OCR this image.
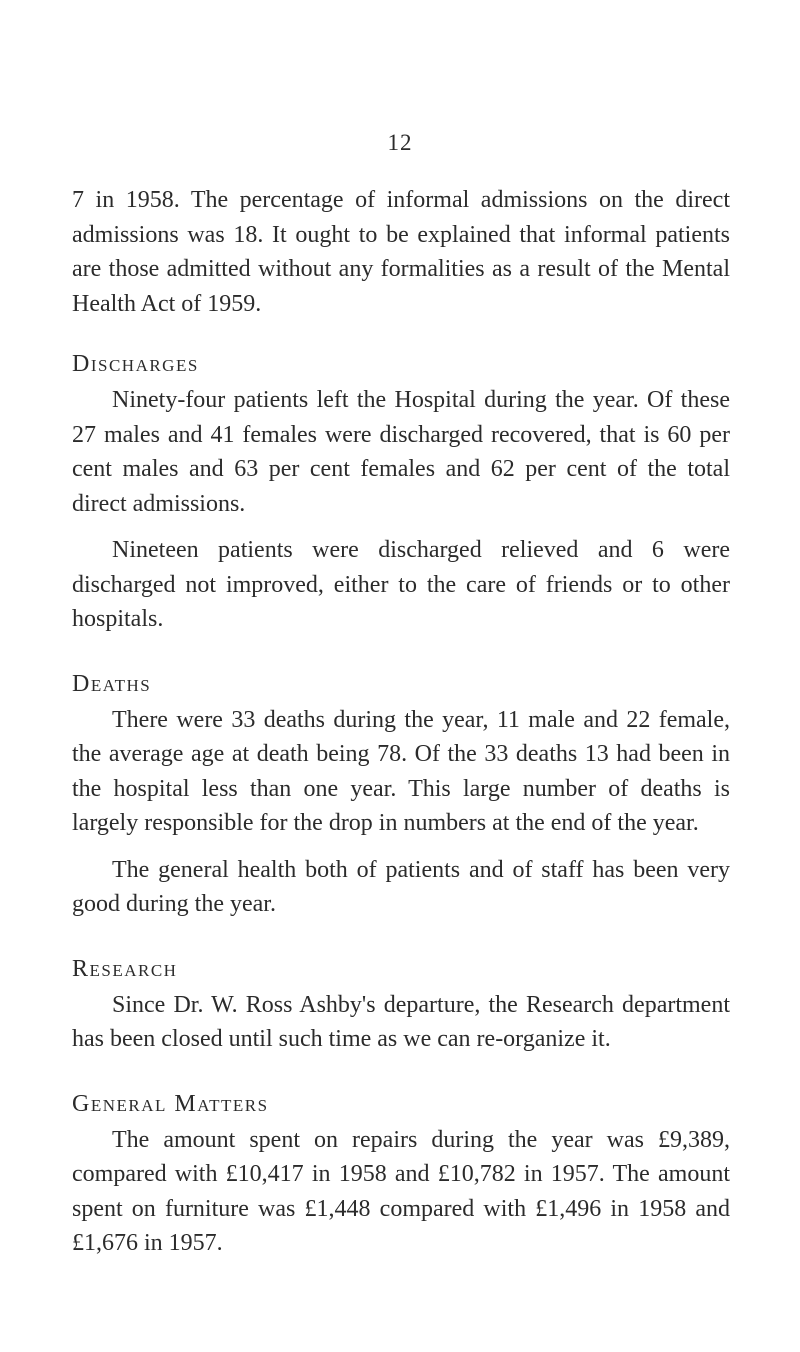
12

7 in 1958. The percentage of informal admissions on the direct admissions was 18. It ought to be explained that informal patients are those admitted without any formalities as a result of the Mental Health Act of 1959.

Discharges

Ninety-four patients left the Hospital during the year. Of these 27 males and 41 females were discharged recovered, that is 60 per cent males and 63 per cent females and 62 per cent of the total direct admissions.

Nineteen patients were discharged relieved and 6 were discharged not improved, either to the care of friends or to other hospitals.

Deaths

There were 33 deaths during the year, 11 male and 22 female, the average age at death being 78. Of the 33 deaths 13 had been in the hospital less than one year. This large number of deaths is largely responsible for the drop in numbers at the end of the year.

The general health both of patients and of staff has been very good during the year.

Research

Since Dr. W. Ross Ashby's departure, the Research department has been closed until such time as we can re-organize it.

General Matters

The amount spent on repairs during the year was £9,389, compared with £10,417 in 1958 and £10,782 in 1957. The amount spent on furniture was £1,448 compared with £1,496 in 1958 and £1,676 in 1957.
